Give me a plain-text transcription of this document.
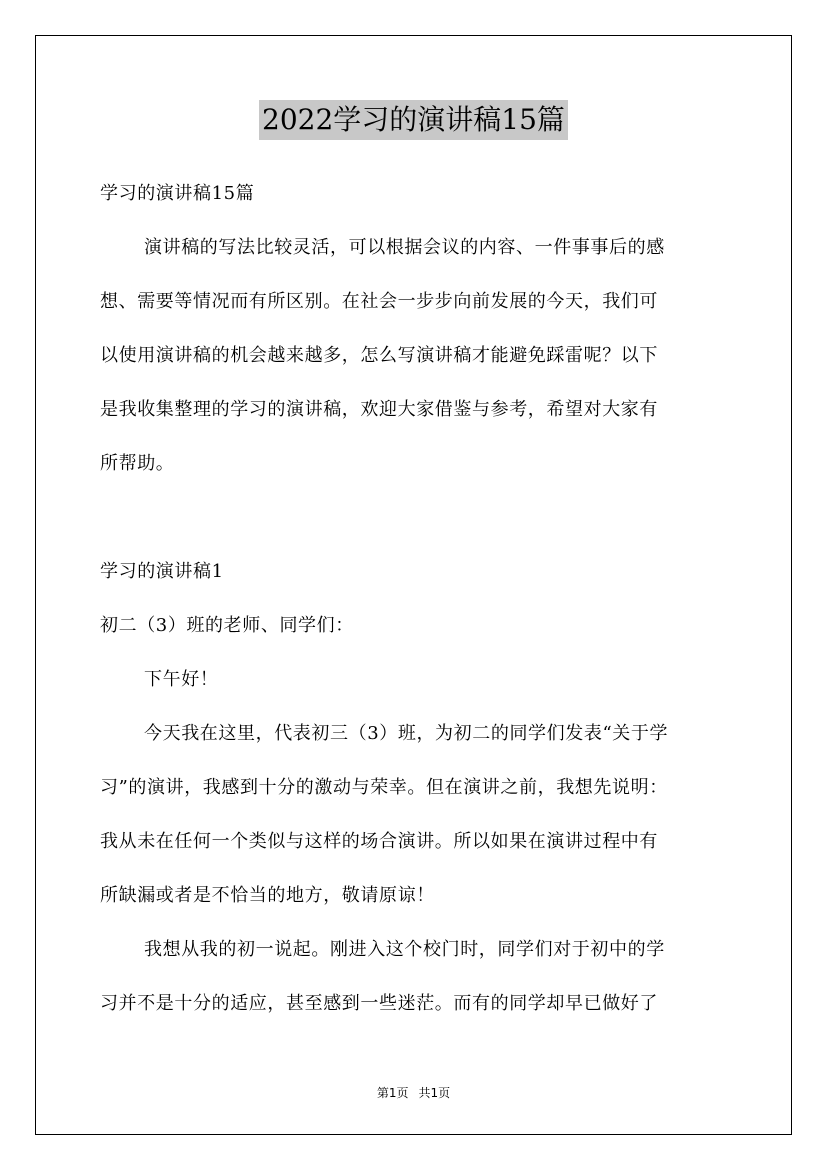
2022学习的演讲稿15篇
学习的演讲稿15篇
演讲稿的写法比较灵活，可以根据会议的内容、一件事事后的感
想、需要等情况而有所区别。在社会一步步向前发展的今天，我们可
以使用演讲稿的机会越来越多，怎么写演讲稿才能避免踩雷呢？以下
是我收集整理的学习的演讲稿，欢迎大家借鉴与参考，希望对大家有
所帮助。
学习的演讲稿1
初二（3）班的老师、同学们：
下午好！
今天我在这里，代表初三（3）班，为初二的同学们发表“关于学
习”的演讲，我感到十分的激动与荣幸。但在演讲之前，我想先说明：
我从未在任何一个类似与这样的场合演讲。所以如果在演讲过程中有
所缺漏或者是不恰当的地方，敬请原谅！
我想从我的初一说起。刚进入这个校门时，同学们对于初中的学
习并不是十分的适应，甚至感到一些迷茫。而有的同学却早已做好了
第1页 共1页
